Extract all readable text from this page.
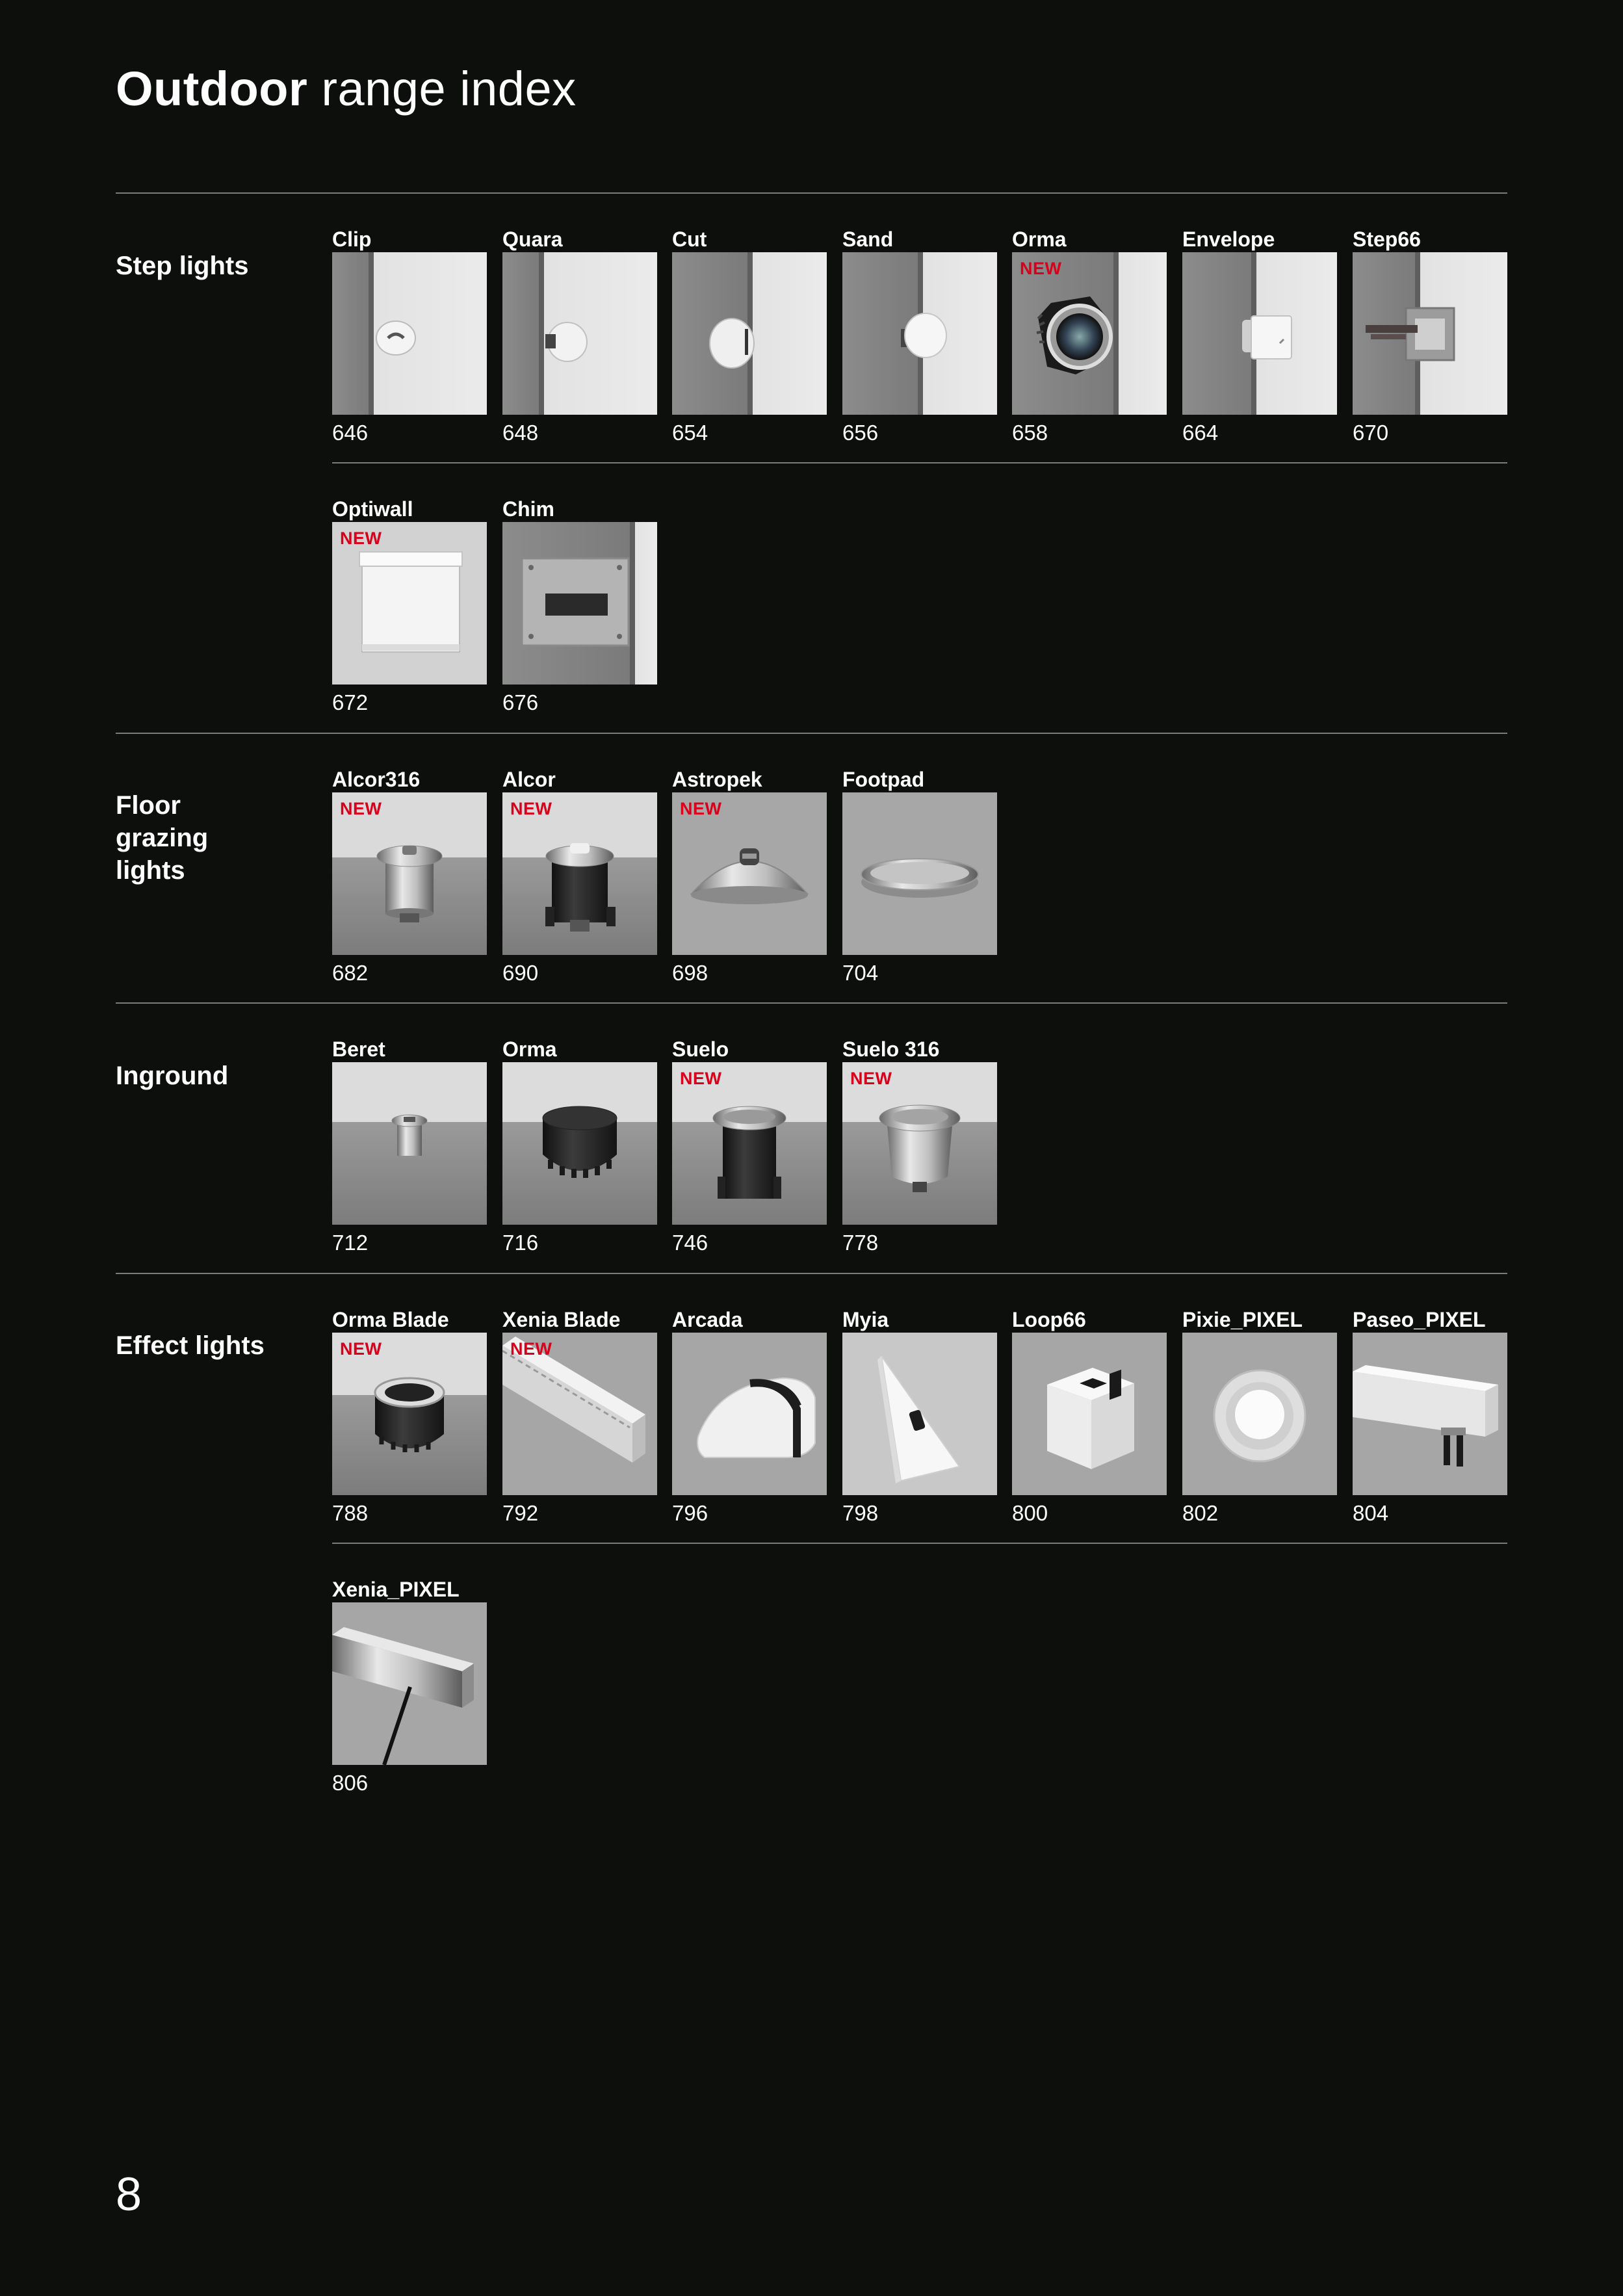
Outdoor range index
Step lights
Floor grazing lights
Inground
Effect lights
Clip
646
Quara
648
Cut
654
Sand
656
Orma
NEW
658
Envelope
664
Step66
670
Optiwall
NEW
672
Chim
676
Alcor316
NEW
682
Alcor
NEW
690
Astropek
NEW
698
Footpad
704
Beret
712
Orma
716
Suelo
NEW
746
Suelo 316
NEW
778
Orma Blade
NEW
788
Xenia Blade
NEW
792
Arcada
796
Myia
798
Loop66
800
Pixie_PIXEL
802
Paseo_PIXEL
804
Xenia_PIXEL
806
8
